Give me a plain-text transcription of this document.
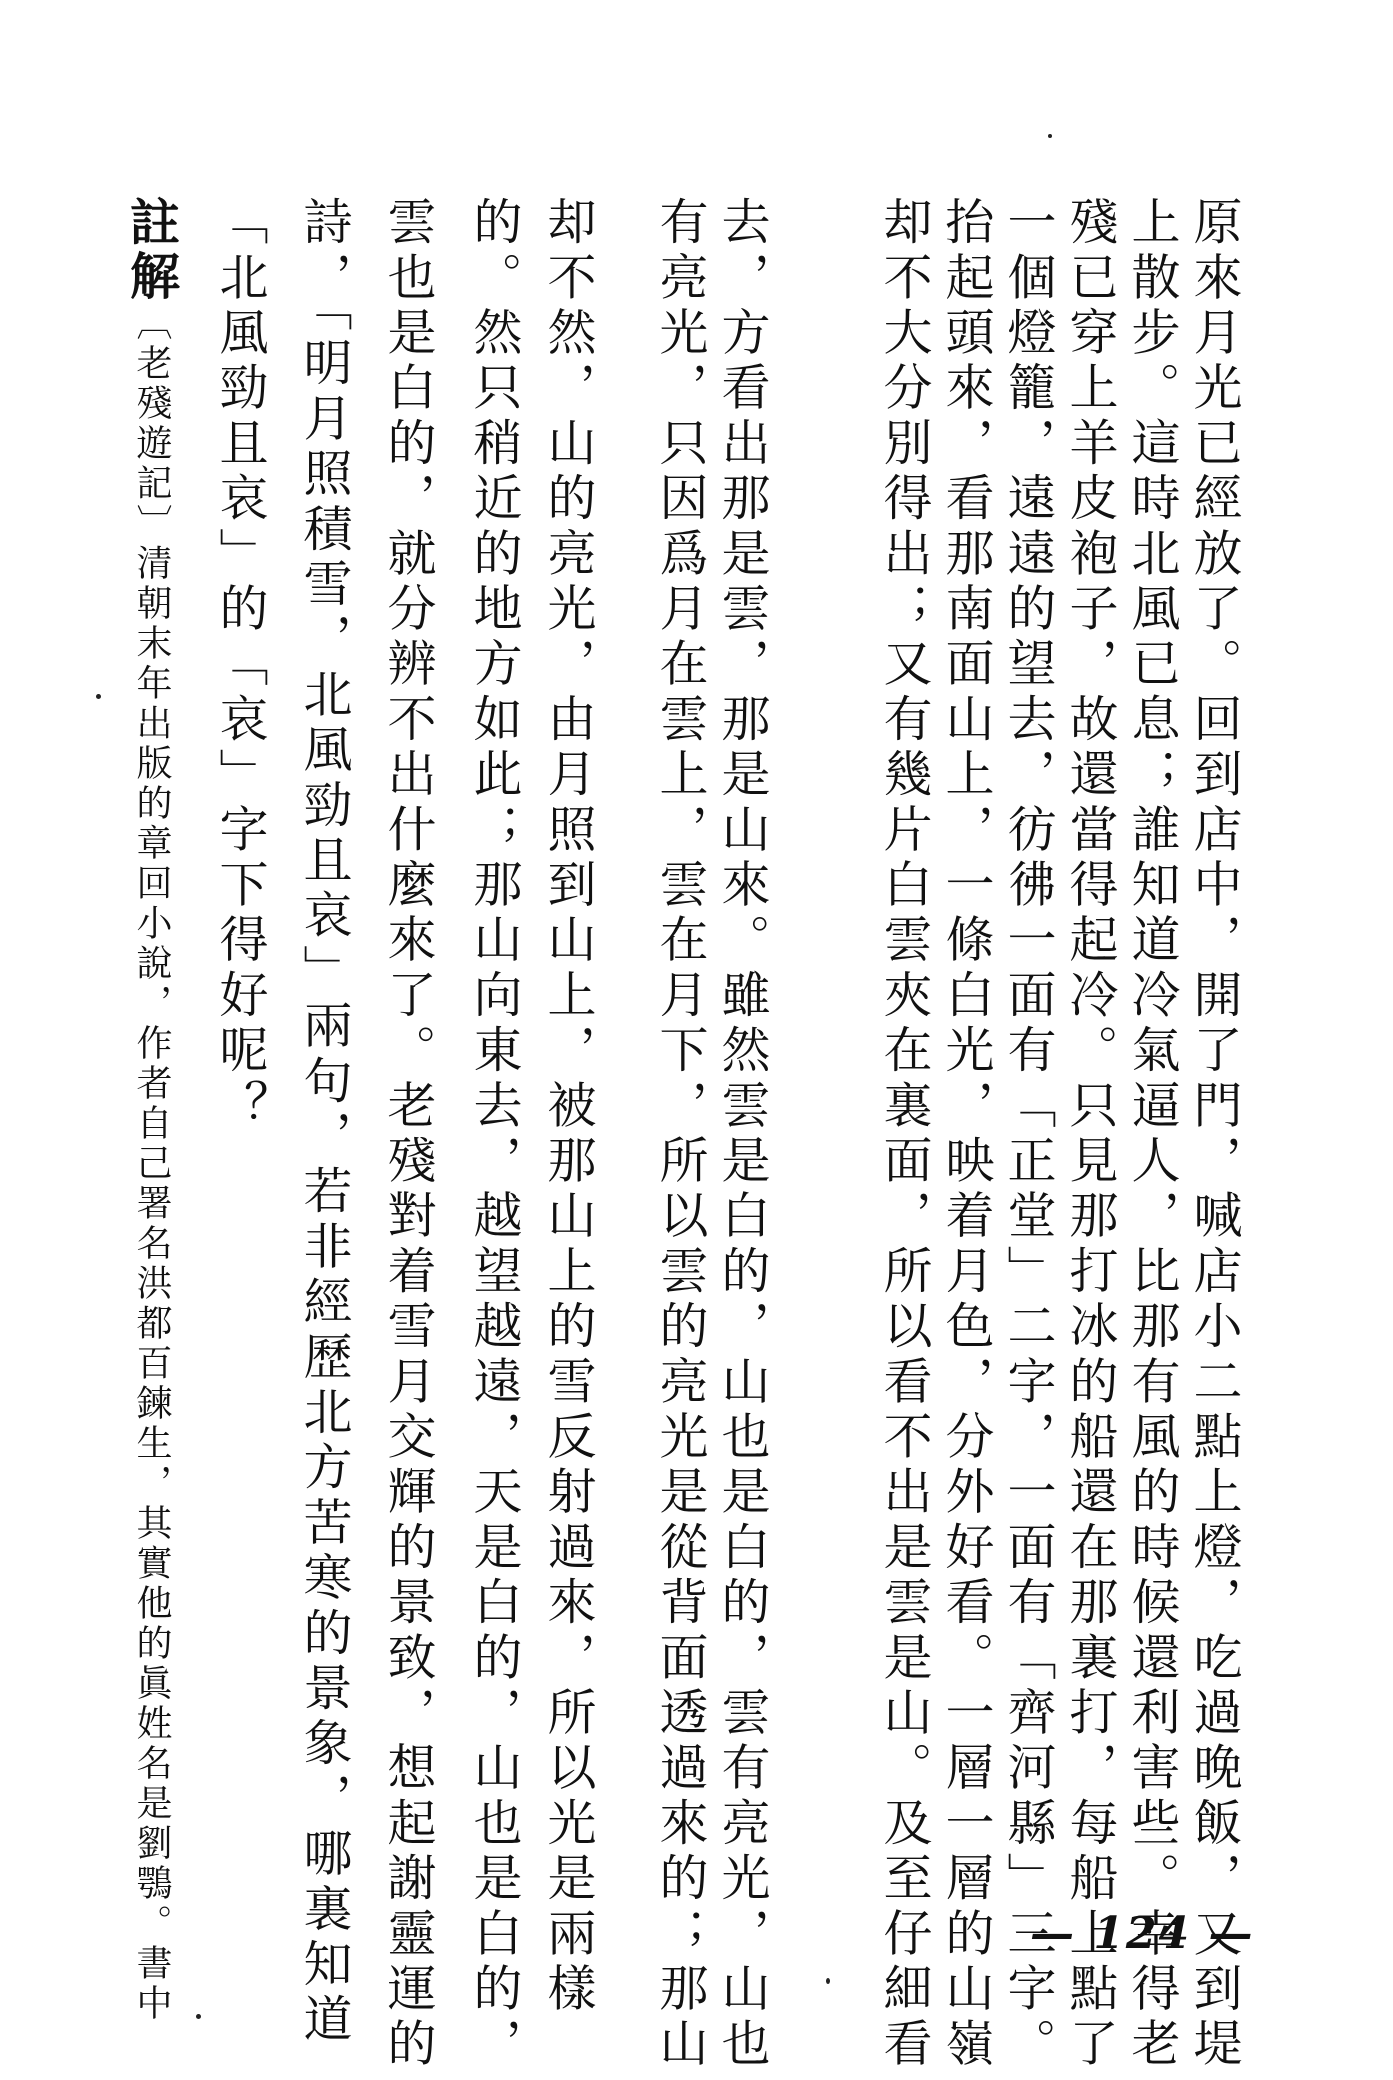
原來月光已經放了。回到店中，開了門，喊店小二點上燈，吃過晚飯，又到堤
上散步。這時北風已息；誰知道冷氣逼人，比那有風的時候還利害些。幸得老
殘已穿上羊皮袍子，故還當得起冷。只見那打冰的船還在那裏打，每船上點了
一個燈籠，遠遠的望去，彷彿一面有「正堂」二字，一面有「齊河縣」三字。
抬起頭來，看那南面山上，一條白光，映着月色，分外好看。一層一層的山嶺
却不大分別得出；又有幾片白雲夾在裏面，所以看不出是雲是山。及至仔細看
去，方看出那是雲，那是山來。雖然雲是白的，山也是白的，雲有亮光，山也
有亮光，只因爲月在雲上，雲在月下，所以雲的亮光是從背面透過來的；那山
却不然，山的亮光，由月照到山上，被那山上的雪反射過來，所以光是兩樣
的。然只稍近的地方如此；那山向東去，越望越遠，天是白的，山也是白的，
雲也是白的，就分辨不出什麼來了。老殘對着雪月交輝的景致，想起謝靈運的
詩，「明月照積雪，北風勁且哀」兩句，若非經歷北方苦寒的景象，哪裏知道
「北風勁且哀」的「哀」字下得好呢？
註解〔老殘遊記〕清朝末年出版的章回小說，作者自己署名洪都百鍊生，其實他的眞姓名是劉鶚。書中	— 124 —
